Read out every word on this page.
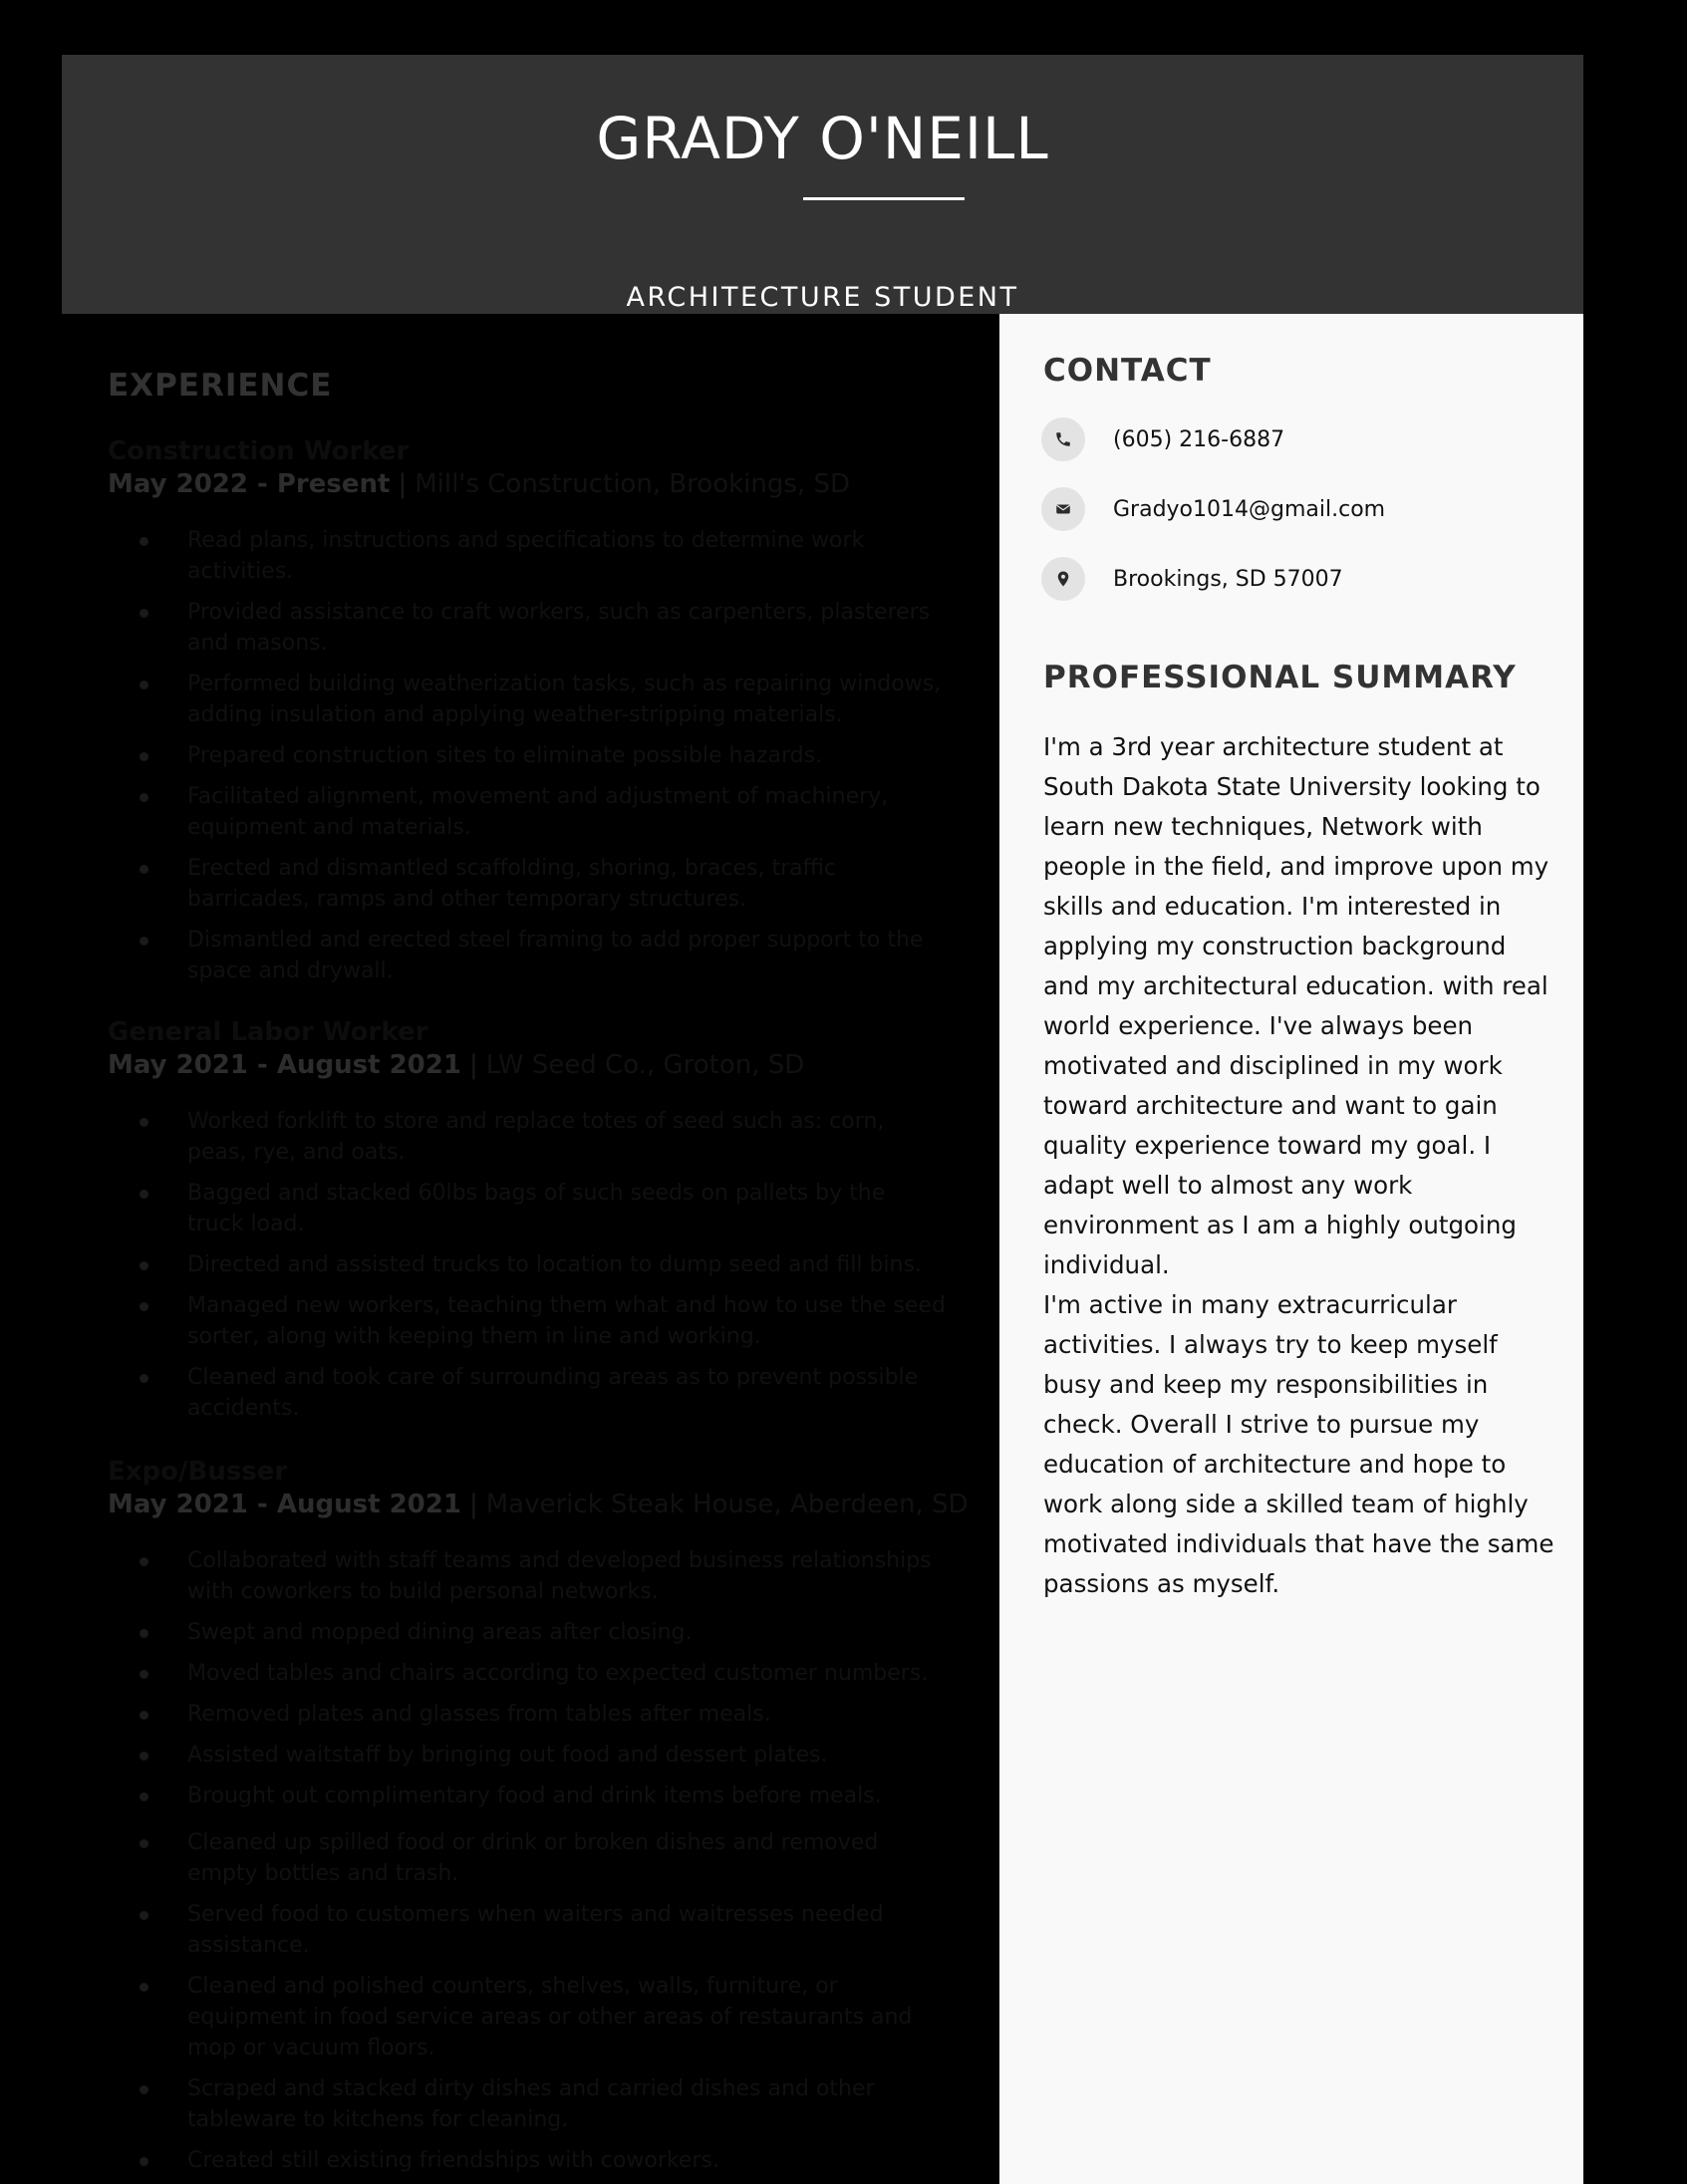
GRADY O'NEILL
ARCHITECTURE STUDENT
EXPERIENCE
Construction Worker
May 2022 - Present | Mill's Construction, Brookings, SD
Read plans, instructions and specifications to determine work activities.
Provided assistance to craft workers, such as carpenters, plasterers and masons.
Performed building weatherization tasks, such as repairing windows, adding insulation and applying weather-stripping materials.
Prepared construction sites to eliminate possible hazards.
Facilitated alignment, movement and adjustment of machinery, equipment and materials.
Erected and dismantled scaffolding, shoring, braces, traffic barricades, ramps and other temporary structures.
Dismantled and erected steel framing to add proper support to the space and drywall.
General Labor Worker
May 2021 - August 2021 | LW Seed Co., Groton, SD
Worked forklift to store and replace totes of seed such as: corn, peas, rye, and oats.
Bagged and stacked 60lbs bags of such seeds on pallets by the truck load.
Directed and assisted trucks to location to dump seed and fill bins.
Managed new workers, teaching them what and how to use the seed sorter, along with keeping them in line and working.
Cleaned and took care of surrounding areas as to prevent possible accidents.
Expo/Busser
May 2021 - August 2021 | Maverick Steak House, Aberdeen, SD
Collaborated with staff teams and developed business relationships with coworkers to build personal networks.
Swept and mopped dining areas after closing.
Moved tables and chairs according to expected customer numbers.
Removed plates and glasses from tables after meals.
Assisted waitstaff by bringing out food and dessert plates.
Brought out complimentary food and drink items before meals.
Cleaned up spilled food or drink or broken dishes and removed empty bottles and trash.
Served food to customers when waiters and waitresses needed assistance.
Cleaned and polished counters, shelves, walls, furniture, or equipment in food service areas or other areas of restaurants and mop or vacuum floors.
Scraped and stacked dirty dishes and carried dishes and other tableware to kitchens for cleaning.
Created still existing friendships with coworkers.
CONTACT
(605) 216-6887
Gradyo1014@gmail.com
Brookings, SD 57007
PROFESSIONAL SUMMARY

I'm a 3rd year architecture student at South Dakota State University looking to learn new techniques, Network with people in the field, and improve upon my skills and education. I'm interested in applying my construction background and my architectural education. with real world experience. I've always been motivated and disciplined in my work toward architecture and want to gain quality experience toward my goal. I adapt well to almost any work environment as I am a highly outgoing individual.

I'm active in many extracurricular activities. I always try to keep myself busy and keep my responsibilities in check. Overall I strive to pursue my education of architecture and hope to work along side a skilled team of highly motivated individuals that have the same passions as myself.
